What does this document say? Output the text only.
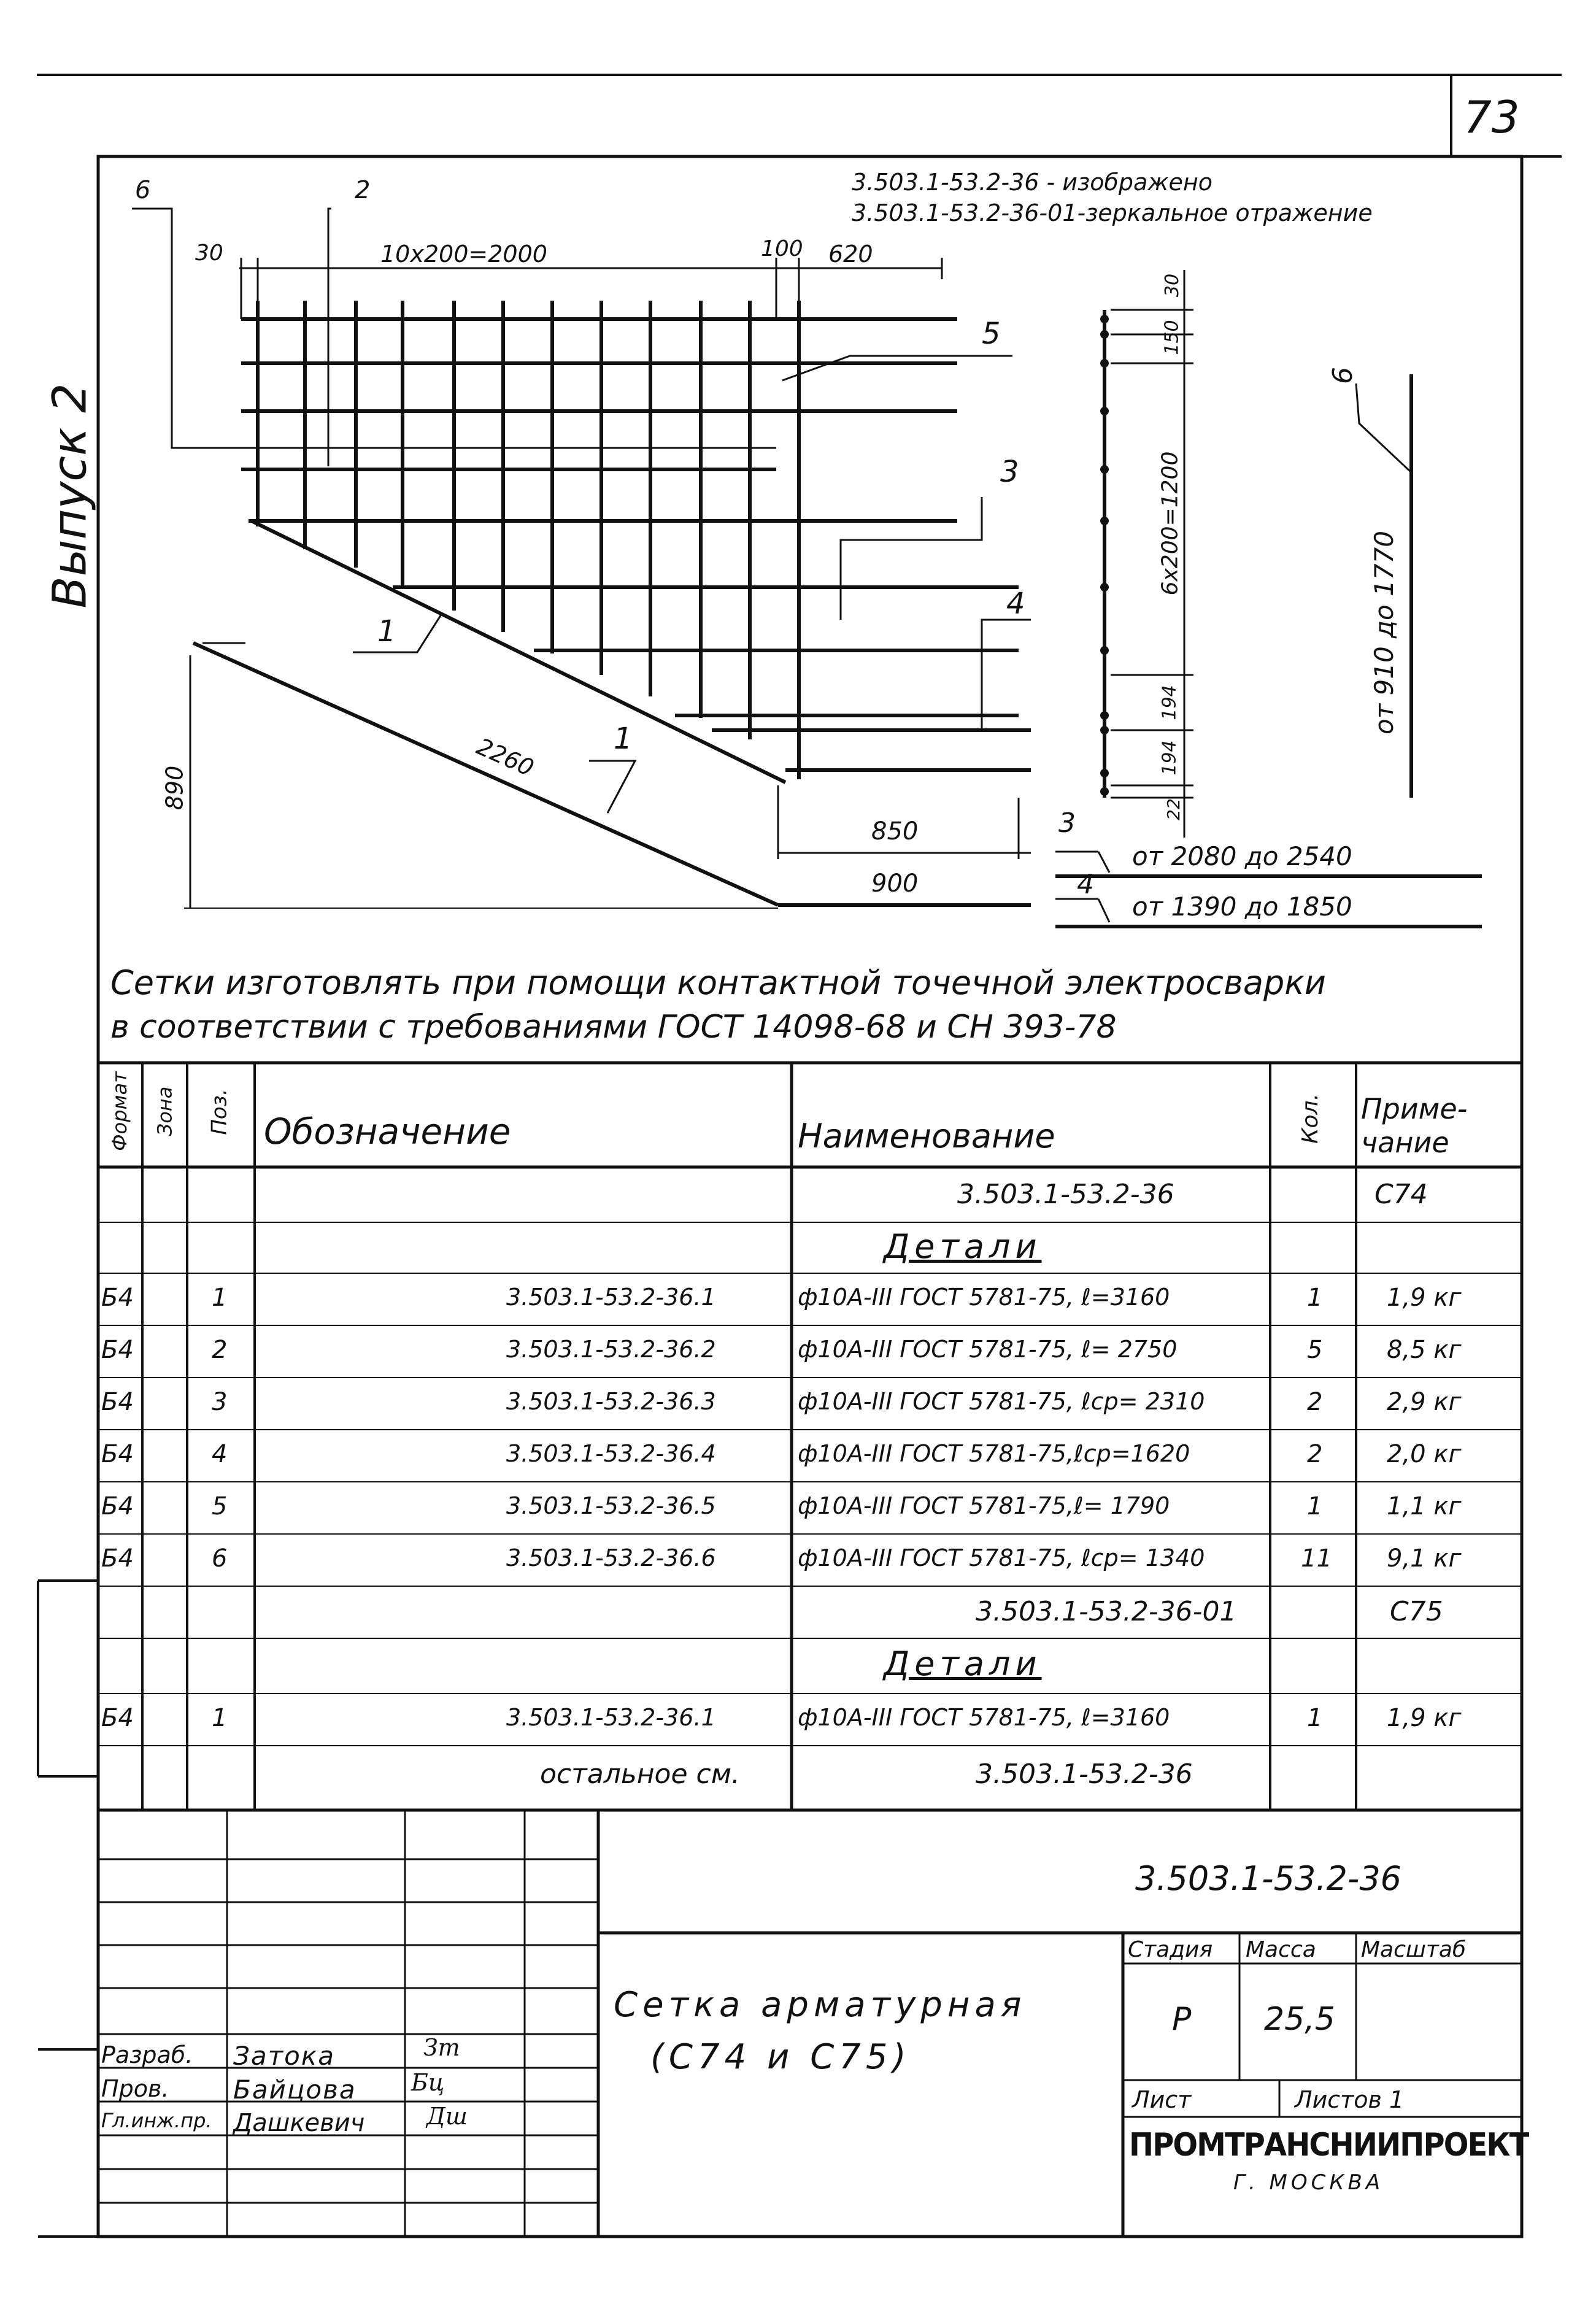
73
Выпуск 2
3.503.1-53.2-36 - изображено
3.503.1-53.2-36-01-зеркальное отражение
30	10х200=2000	100 620
6	2
5
3
4
1
1
2260
890
850
900
30
150
6х200=1200
194
194
22
6
от 910 до 1770
3
от 2080 до 2540
4
от 1390 до 1850
Сетки изготовлять при помощи контактной точечной электросварки
в соответствии с требованиями ГОСТ 14098-68 и СН 393-78
Формат Зона Поз. Обозначение	Наименование	Кол. Приме-чание
3.503.1-53.2-36	С74
Детали
Б4	1	3.503.1-53.2-36.1	ф10А-III ГОСТ 5781-75, ℓ=3160	1	1,9 кг
Б4	2	3.503.1-53.2-36.2	ф10А-III ГОСТ 5781-75, ℓ= 2750	5	8,5 кг
Б4	3	3.503.1-53.2-36.3	ф10А-III ГОСТ 5781-75, ℓср= 2310	2	2,9 кг
Б4	4	3.503.1-53.2-36.4	ф10А-III ГОСТ 5781-75,ℓср=1620	2	2,0 кг
Б4	5	3.503.1-53.2-36.5	ф10А-III ГОСТ 5781-75,ℓ= 1790	1	1,1 кг
Б4	6	3.503.1-53.2-36.6	ф10А-III ГОСТ 5781-75, ℓср= 1340	11 9,1 кг
3.503.1-53.2-36-01	С75
Детали
Б4	1	3.503.1-53.2-36.1	ф10А-III ГОСТ 5781-75, ℓ=3160	1	1,9 кг
остальное см.	3.503.1-53.2-36
3.503.1-53.2-36
Сетка арматурная
(С74 и С75)
Стадия Масса Масштаб
Р 25,5
Лист	Листов 1
ПРОМТРАНСНИИПРОЕКТ
Г. МОСКВА
Разраб. Затока	Зт
Пров. Байцова Бц
Гл.инж.пр. Дашкевич	Дш
